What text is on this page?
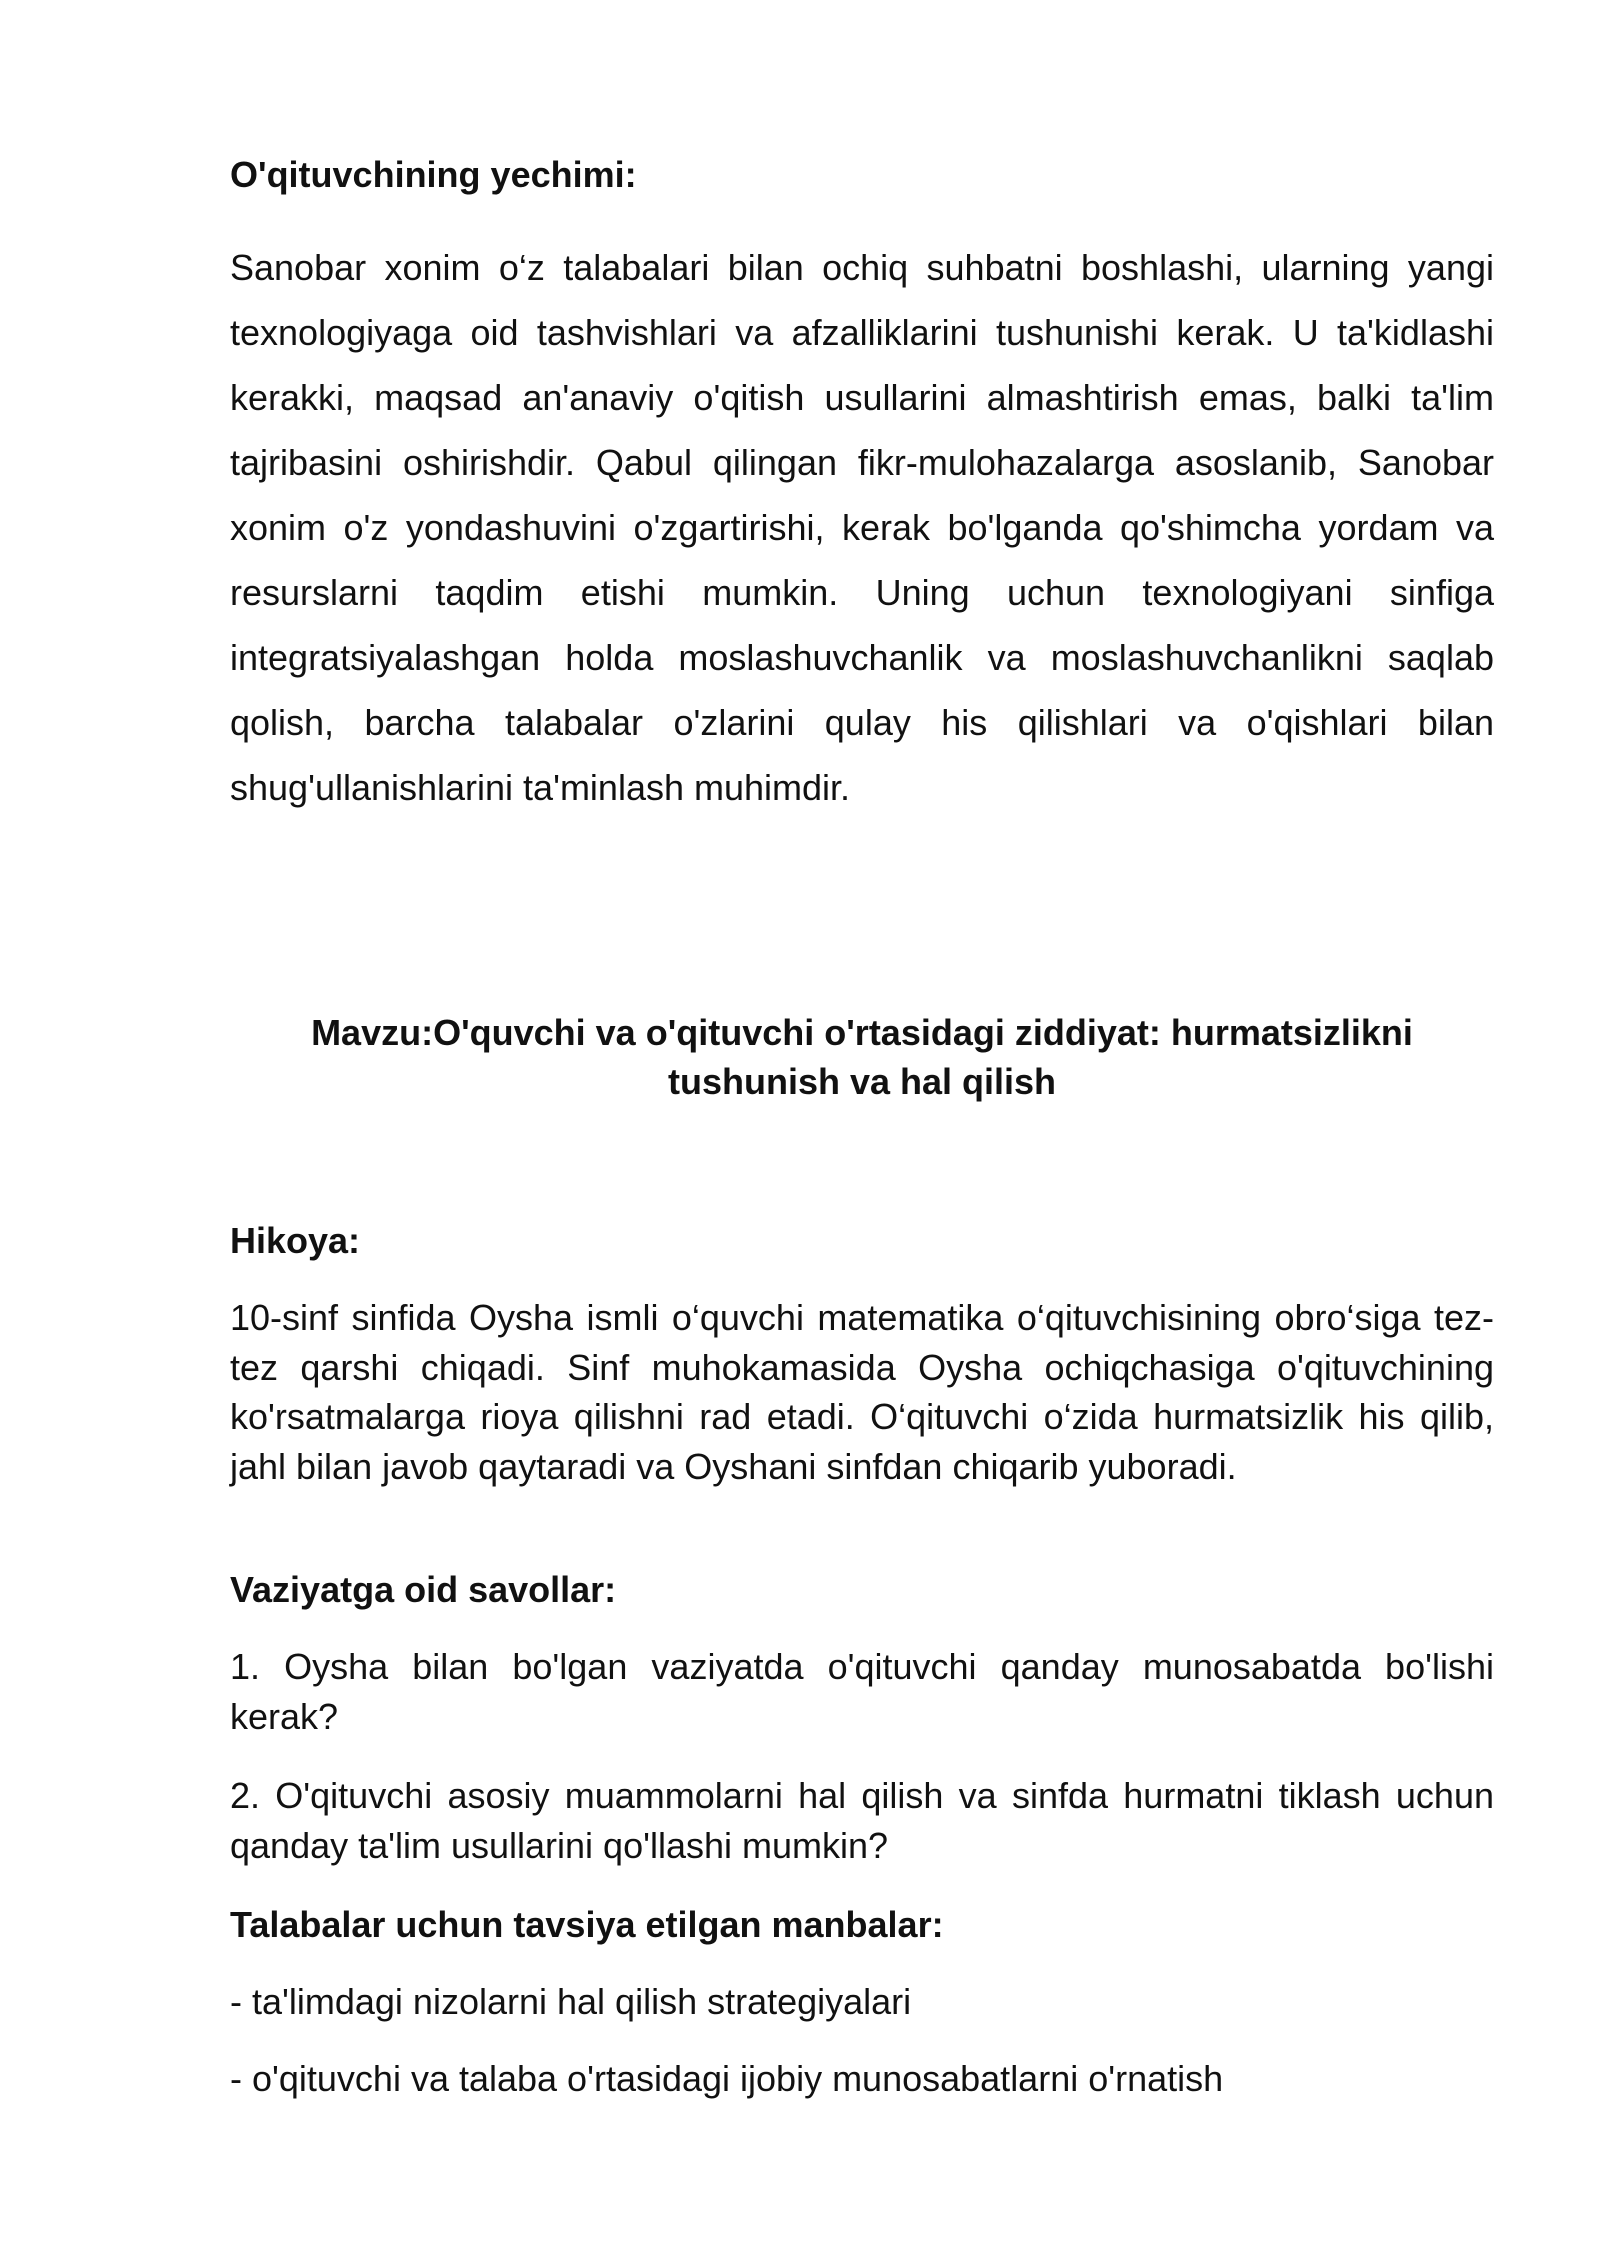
O'qituvchining yechimi:

Sanobar xonim o‘z talabalari bilan ochiq suhbatni boshlashi, ularning yangi texnologiyaga oid tashvishlari va afzalliklarini tushunishi kerak. U ta'kidlashi kerakki, maqsad an'anaviy o'qitish usullarini almashtirish emas, balki ta'lim tajribasini oshirishdir. Qabul qilingan fikr-mulohazalarga asoslanib, Sanobar xonim o'z yondashuvini o'zgartirishi, kerak bo'lganda qo'shimcha yordam va resurslarni taqdim etishi mumkin. Uning uchun texnologiyani sinfiga integratsiyalashgan holda moslashuvchanlik va moslashuvchanlikni saqlab qolish, barcha talabalar o'zlarini qulay his qilishlari va o'qishlari bilan shug'ullanishlarini ta'minlash muhimdir.

Mavzu:O'quvchi va o'qituvchi o'rtasidagi ziddiyat: hurmatsizlikni tushunish va hal qilish
Hikoya:

10-sinf sinfida Oysha ismli o‘quvchi matematika o‘qituvchisining obro‘siga tez-tez qarshi chiqadi. Sinf muhokamasida Oysha ochiqchasiga o'qituvchining ko'rsatmalarga rioya qilishni rad etadi. O‘qituvchi o‘zida hurmatsizlik his qilib, jahl bilan javob qaytaradi va Oyshani sinfdan chiqarib yuboradi.

Vaziyatga oid savollar:

1. Oysha bilan bo'lgan vaziyatda o'qituvchi qanday munosabatda bo'lishi kerak?

2. O'qituvchi asosiy muammolarni hal qilish va sinfda hurmatni tiklash uchun qanday ta'lim usullarini qo'llashi mumkin?

Talabalar uchun tavsiya etilgan manbalar:

- ta'limdagi nizolarni hal qilish strategiyalari

- o'qituvchi va talaba o'rtasidagi ijobiy munosabatlarni o'rnatish
